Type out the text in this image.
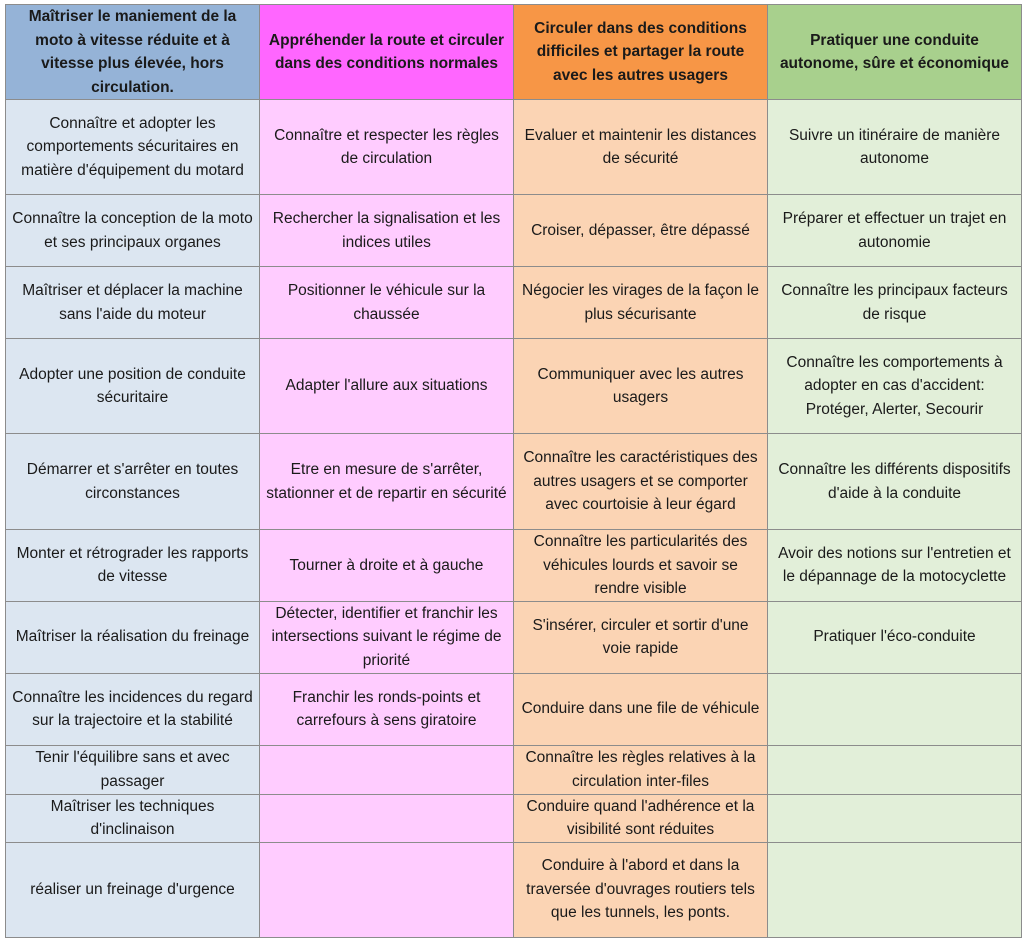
Maîtriser le maniement de la moto à vitesse réduite et à vitesse plus élevée, hors circulation.	Appréhender la route et circuler dans des conditions normales	Circuler dans des conditions difficiles et partager la route avec les autres usagers	Pratiquer une conduite autonome, sûre et économique
Connaître et adopter les comportements sécuritaires en matière d'équipement du motard	Connaître et respecter les règles de circulation	Evaluer et maintenir les distances de sécurité	Suivre un itinéraire de manière autonome
Connaître la conception de la moto et ses principaux organes	Rechercher la signalisation et les indices utiles	Croiser, dépasser, être dépassé	Préparer et effectuer un trajet en autonomie
Maîtriser et déplacer la machine sans l'aide du moteur	Positionner le véhicule sur la chaussée	Négocier les virages de la façon le plus sécurisante	Connaître les principaux facteurs de risque
Adopter une position de conduite sécuritaire	Adapter l'allure aux situations	Communiquer avec les autres usagers	Connaître les comportements à adopter en cas d'accident: Protéger, Alerter, Secourir
Démarrer et s'arrêter en toutes circonstances	Etre en mesure de s'arrêter, stationner et de repartir en sécurité	Connaître les caractéristiques des autres usagers et se comporter avec courtoisie à leur égard	Connaître les différents dispositifs d'aide à la conduite
Monter et rétrograder les rapports de vitesse	Tourner à droite et à gauche	Connaître les particularités des véhicules lourds et savoir se rendre visible	Avoir des notions sur l'entretien et le dépannage de la motocyclette
Maîtriser la réalisation du freinage	Détecter, identifier et franchir les intersections suivant le régime de priorité	S'insérer, circuler et sortir d'une voie rapide	Pratiquer l'éco-conduite
Connaître les incidences du regard sur la trajectoire et la stabilité	Franchir les ronds-points et carrefours à sens giratoire	Conduire dans une file de véhicule	
Tenir l'équilibre sans et avec passager		Connaître les règles relatives à la circulation inter-files	
Maîtriser les techniques d'inclinaison		Conduire quand l'adhérence et la visibilité sont réduites	
réaliser un freinage d'urgence		Conduire à l'abord et dans la traversée d'ouvrages routiers tels que les tunnels, les ponts.	
